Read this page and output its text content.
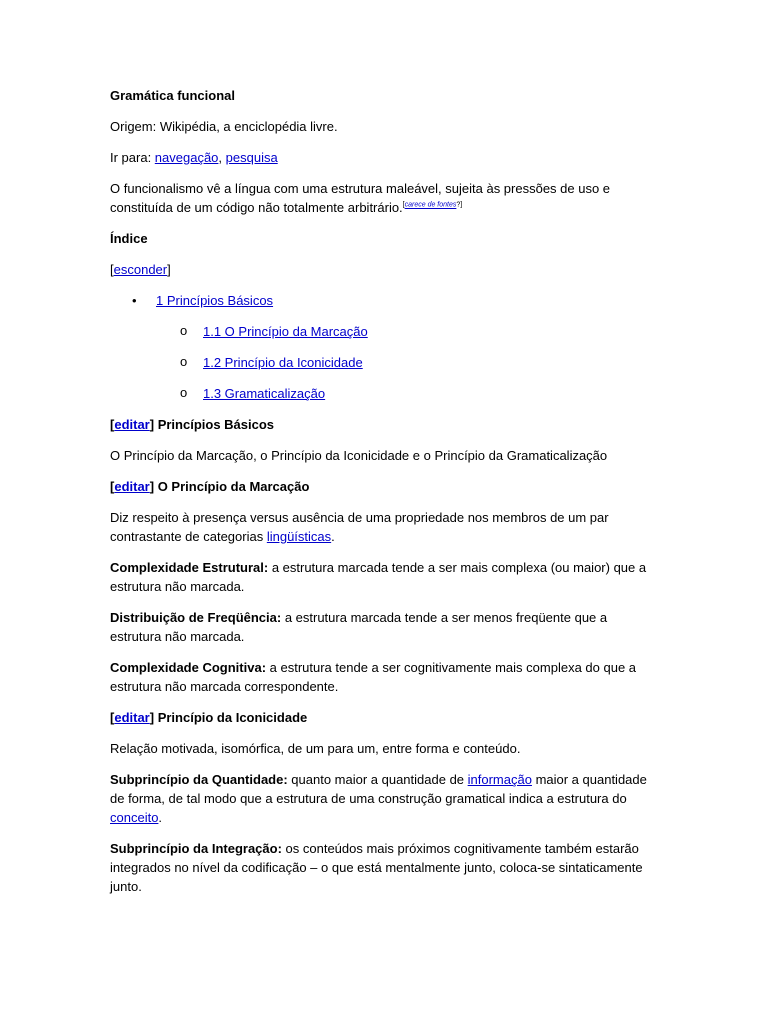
Gramática funcional

Origem: Wikipédia, a enciclopédia livre.

Ir para: navegação, pesquisa

O funcionalismo vê a língua com uma estrutura maleável, sujeita às pressões de uso e constituída de um código não totalmente arbitrário.[carece de fontes?]

Índice

[esconder]

• 1 Princípios Básicos
o 1.1 O Princípio da Marcação
o 1.2 Princípio da Iconicidade
o 1.3 Gramaticalização

[editar] Princípios Básicos

O Princípio da Marcação, o Princípio da Iconicidade e o Princípio da Gramaticalização

[editar] O Princípio da Marcação

Diz respeito à presença versus ausência de uma propriedade nos membros de um par contrastante de categorias lingüísticas.

Complexidade Estrutural: a estrutura marcada tende a ser mais complexa (ou maior) que a estrutura não marcada.

Distribuição de Freqüência: a estrutura marcada tende a ser menos freqüente que a estrutura não marcada.

Complexidade Cognitiva: a estrutura tende a ser cognitivamente mais complexa do que a estrutura não marcada correspondente.

[editar] Princípio da Iconicidade

Relação motivada, isomórfica, de um para um, entre forma e conteúdo.

Subprincípio da Quantidade: quanto maior a quantidade de informação maior a quantidade de forma, de tal modo que a estrutura de uma construção gramatical indica a estrutura do conceito.

Subprincípio da Integração: os conteúdos mais próximos cognitivamente também estarão integrados no nível da codificação – o que está mentalmente junto, coloca-se sintaticamente junto.
